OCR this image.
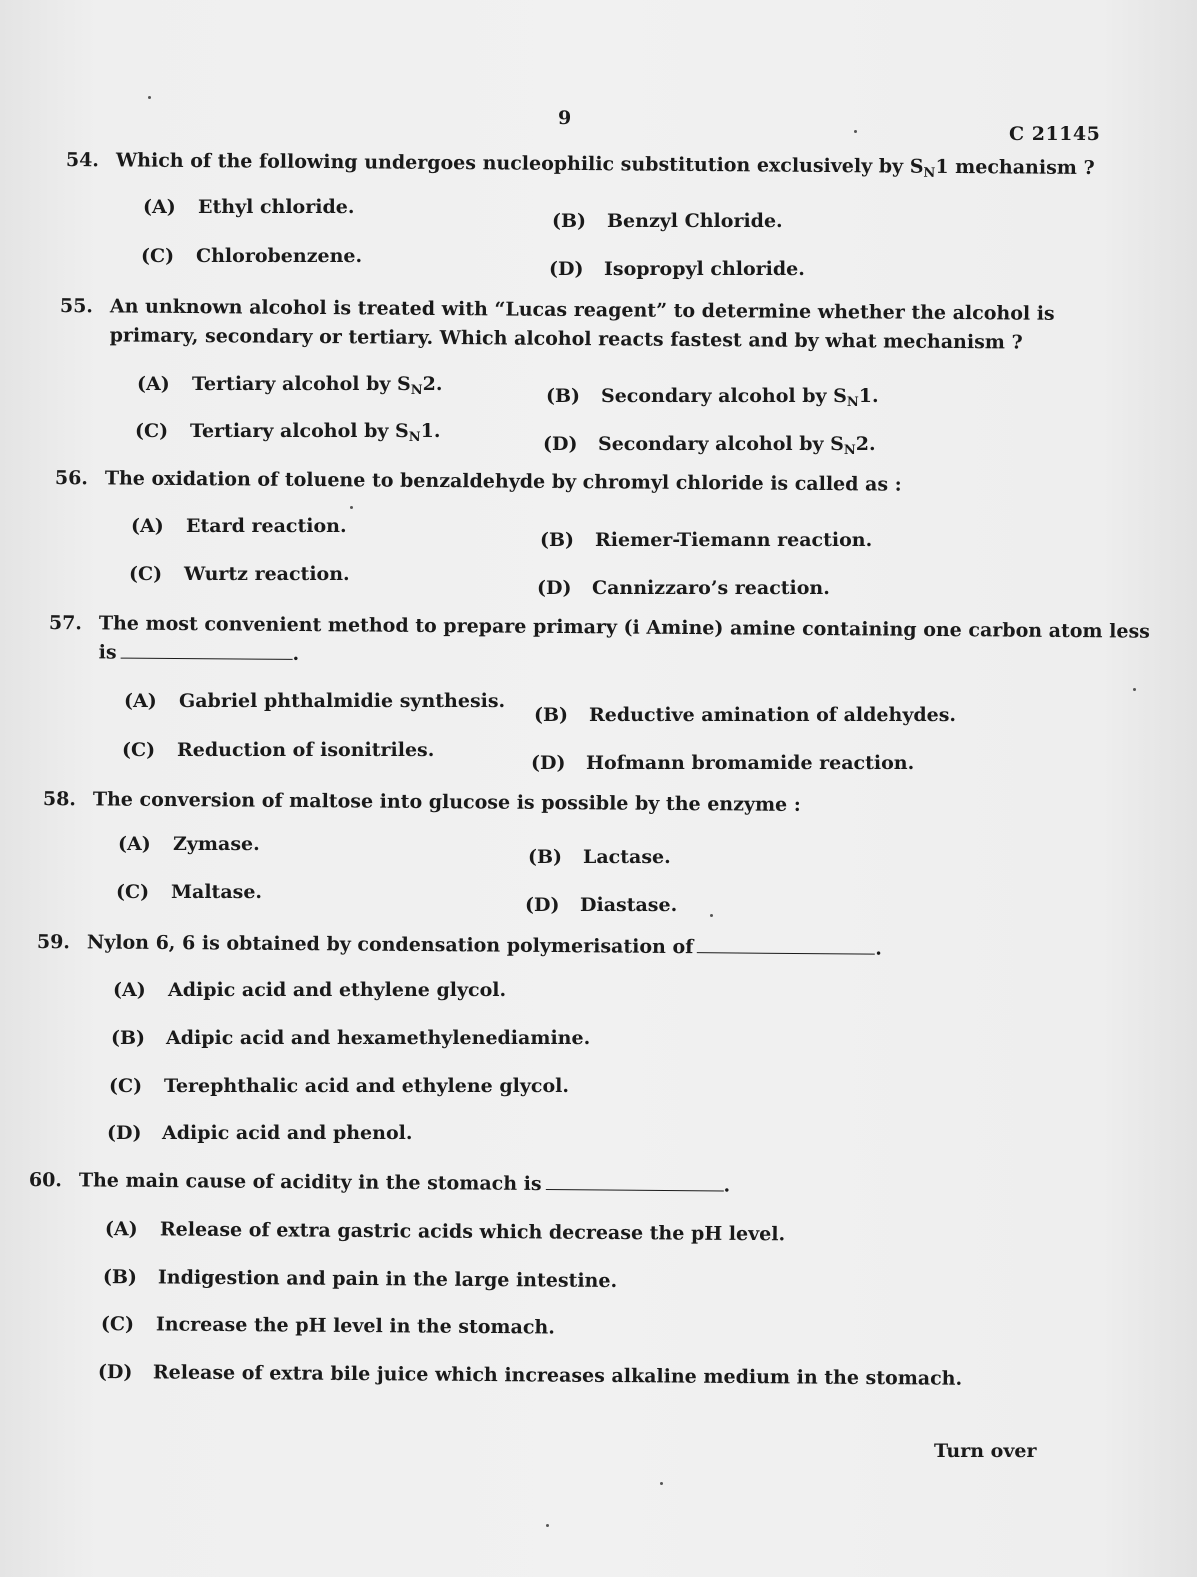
9
C 21145
54. Which of the following undergoes nucleophilic substitution exclusively by $S_N1$ mechanism ?
(A) Ethyl chloride.
(B) Benzyl Chloride.
(C) Chlorobenzene.
(D) Isopropyl chloride.
55. An unknown alcohol is treated with “Lucas reagent” to determine whether the alcohol is primary, secondary or tertiary. Which alcohol reacts fastest and by what mechanism ?
(A) Tertiary alcohol by $S_N2$.
(B) Secondary alcohol by $S_N1$.
(C) Tertiary alcohol by $S_N1$.
(D) Secondary alcohol by $S_N2$.
56. The oxidation of toluene to benzaldehyde by chromyl chloride is called as :
(A) Etard reaction.
(B) Riemer-Tiemann reaction.
(C) Wurtz reaction.
(D) Cannizzaro’s reaction.
57. The most convenient method to prepare primary (i Amine) amine containing one carbon atom less
is	.
(A) Gabriel phthalmidie synthesis.
(B) Reductive amination of aldehydes.
(C) Reduction of isonitriles.
(D) Hofmann bromamide reaction.
58. The conversion of maltose into glucose is possible by the enzyme :
(A) Zymase.
(B) Lactase.
(C) Maltase.
(D) Diastase.
59. Nylon 6, 6 is obtained by condensation polymerisation of	.
(A) Adipic acid and ethylene glycol.
(B) Adipic acid and hexamethylenediamine.
(C) Terephthalic acid and ethylene glycol.
(D) Adipic acid and phenol.
60. The main cause of acidity in the stomach is	.
(A) Release of extra gastric acids which decrease the pH level.
(B) Indigestion and pain in the large intestine.
(C) Increase the pH level in the stomach.
(D) Release of extra bile juice which increases alkaline medium in the stomach.
Turn over
